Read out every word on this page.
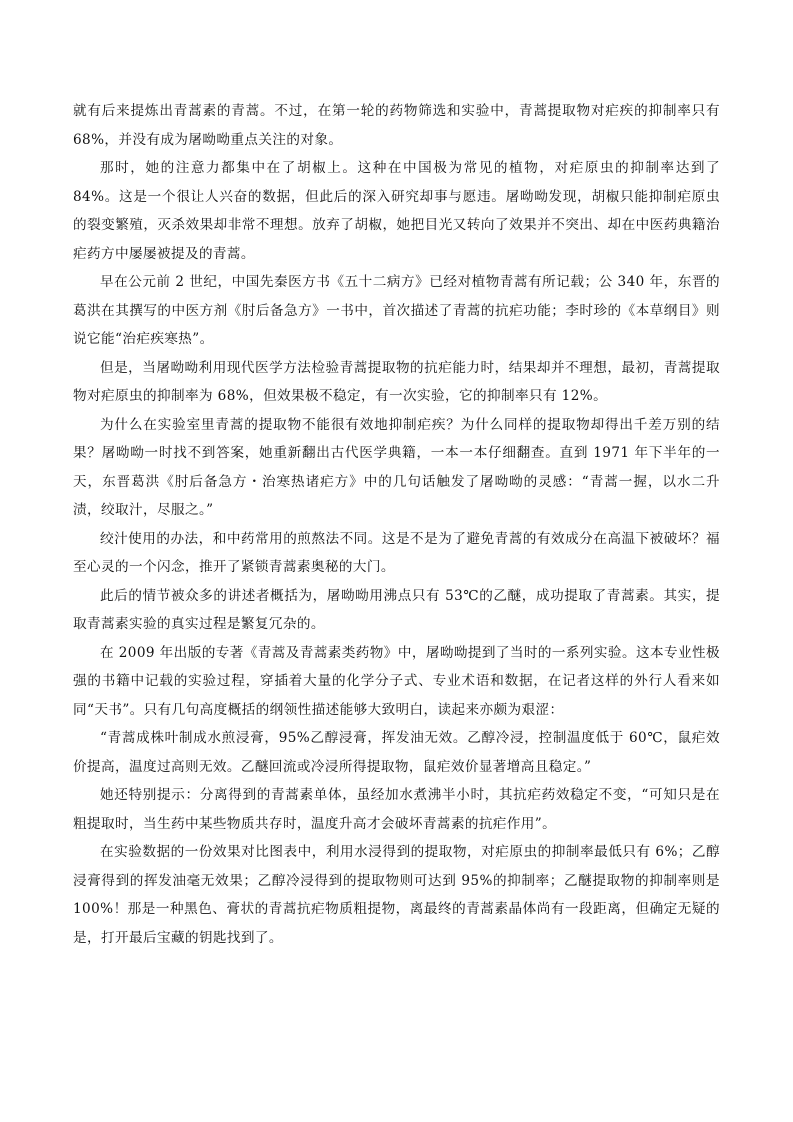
就有后来提炼出青蒿素的青蒿。不过，在第一轮的药物筛选和实验中，青蒿提取物对疟疾的抑制率只有 68%，并没有成为屠呦呦重点关注的对象。

那时，她的注意力都集中在了胡椒上。这种在中国极为常见的植物，对疟原虫的抑制率达到了 84%。这是一个很让人兴奋的数据，但此后的深入研究却事与愿违。屠呦呦发现，胡椒只能抑制疟原虫的裂变繁殖，灭杀效果却非常不理想。放弃了胡椒，她把目光又转向了效果并不突出、却在中医药典籍治疟药方中屡屡被提及的青蒿。

早在公元前 2 世纪，中国先秦医方书《五十二病方》已经对植物青蒿有所记载；公 340 年，东晋的葛洪在其撰写的中医方剂《肘后备急方》一书中，首次描述了青蒿的抗疟功能；李时珍的《本草纲目》则说它能“治疟疾寒热”。

但是，当屠呦呦利用现代医学方法检验青蒿提取物的抗疟能力时，结果却并不理想，最初，青蒿提取物对疟原虫的抑制率为 68%，但效果极不稳定，有一次实验，它的抑制率只有 12%。

为什么在实验室里青蒿的提取物不能很有效地抑制疟疾？为什么同样的提取物却得出千差万别的结果？屠呦呦一时找不到答案，她重新翻出古代医学典籍，一本一本仔细翻查。直到 1971 年下半年的一天，东晋葛洪《肘后备急方・治寒热诸疟方》中的几句话触发了屠呦呦的灵感：“青蒿一握，以水二升渍，绞取汁，尽服之。”

绞汁使用的办法，和中药常用的煎熬法不同。这是不是为了避免青蒿的有效成分在高温下被破坏？福至心灵的一个闪念，推开了紧锁青蒿素奥秘的大门。

此后的情节被众多的讲述者概括为，屠呦呦用沸点只有 53℃的乙醚，成功提取了青蒿素。其实，提取青蒿素实验的真实过程是繁复冗杂的。

在 2009 年出版的专著《青蒿及青蒿素类药物》中，屠呦呦提到了当时的一系列实验。这本专业性极强的书籍中记载的实验过程，穿插着大量的化学分子式、专业术语和数据，在记者这样的外行人看来如同“天书”。只有几句高度概括的纲领性描述能够大致明白，读起来亦颇为艰涩：

“青蒿成株叶制成水煎浸膏，95%乙醇浸膏，挥发油无效。乙醇冷浸，控制温度低于 60℃，鼠疟效价提高，温度过高则无效。乙醚回流或冷浸所得提取物，鼠疟效价显著增高且稳定。”

她还特别提示：分离得到的青蒿素单体，虽经加水煮沸半小时，其抗疟药效稳定不变，“可知只是在粗提取时，当生药中某些物质共存时，温度升高才会破坏青蒿素的抗疟作用”。

在实验数据的一份效果对比图表中，利用水浸得到的提取物，对疟原虫的抑制率最低只有 6%；乙醇浸膏得到的挥发油毫无效果；乙醇冷浸得到的提取物则可达到 95%的抑制率；乙醚提取物的抑制率则是 100%！那是一种黑色、膏状的青蒿抗疟物质粗提物，离最终的青蒿素晶体尚有一段距离，但确定无疑的是，打开最后宝藏的钥匙找到了。
